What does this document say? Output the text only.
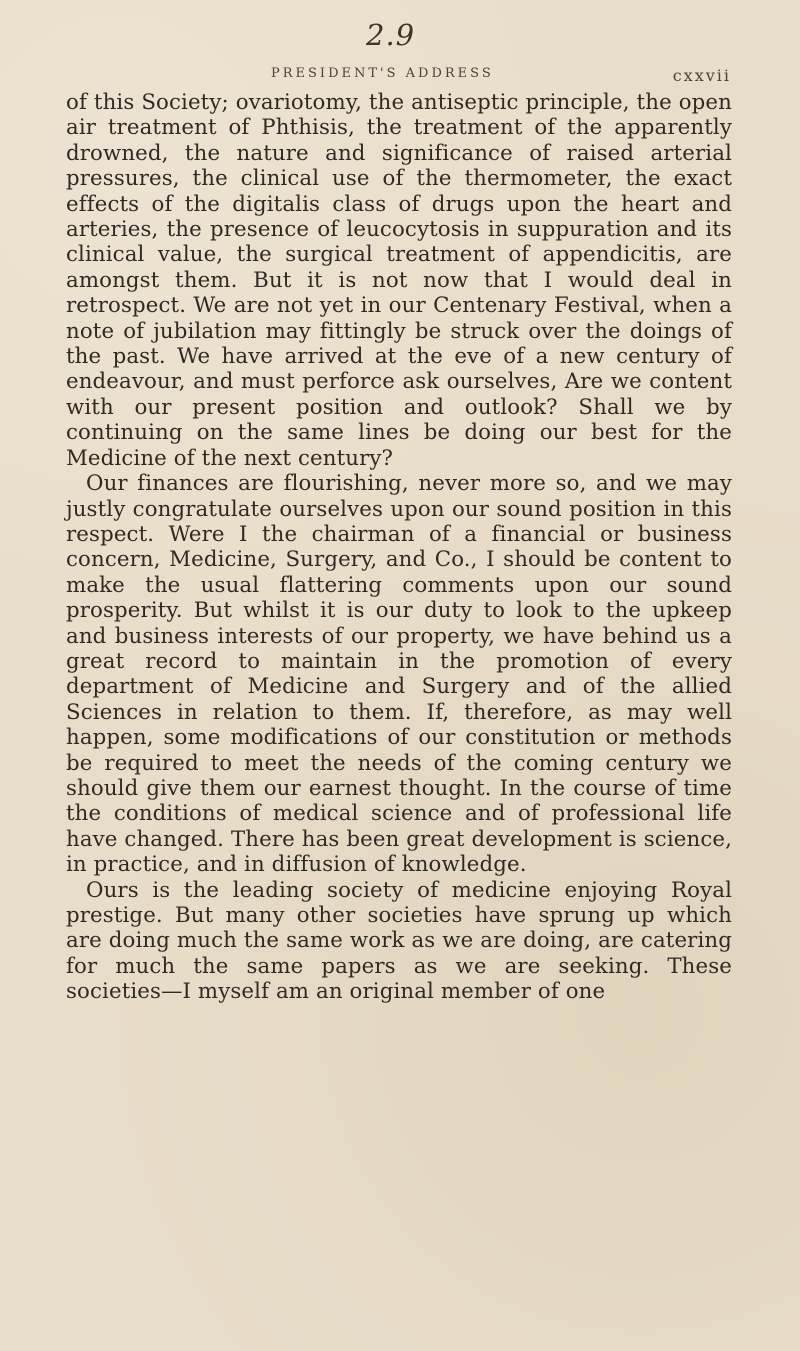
2.9
PRESIDENT'S ADDRESS	cxxvii

of this Society; ovariotomy, the antiseptic principle, the open air treatment of Phthisis, the treatment of the apparently drowned, the nature and significance of raised arterial pressures, the clinical use of the thermometer, the exact effects of the digitalis class of drugs upon the heart and arteries, the presence of leucocytosis in suppuration and its clinical value, the surgical treatment of appendicitis, are amongst them. But it is not now that I would deal in retrospect. We are not yet in our Centenary Festival, when a note of jubilation may fittingly be struck over the doings of the past. We have arrived at the eve of a new century of endeavour, and must perforce ask ourselves, Are we content with our present position and outlook? Shall we by continuing on the same lines be doing our best for the Medicine of the next century?

Our finances are flourishing, never more so, and we may justly congratulate ourselves upon our sound position in this respect. Were I the chairman of a financial or business concern, Medicine, Surgery, and Co., I should be content to make the usual flattering comments upon our sound prosperity. But whilst it is our duty to look to the upkeep and business interests of our property, we have behind us a great record to maintain in the promotion of every department of Medicine and Surgery and of the allied Sciences in relation to them. If, therefore, as may well happen, some modifications of our constitution or methods be required to meet the needs of the coming century we should give them our earnest thought. In the course of time the conditions of medical science and of professional life have changed. There has been great development is science, in practice, and in diffusion of knowledge.

Ours is the leading society of medicine enjoying Royal prestige. But many other societies have sprung up which are doing much the same work as we are doing, are catering for much the same papers as we are seeking. These societies—I myself am an original member of one
